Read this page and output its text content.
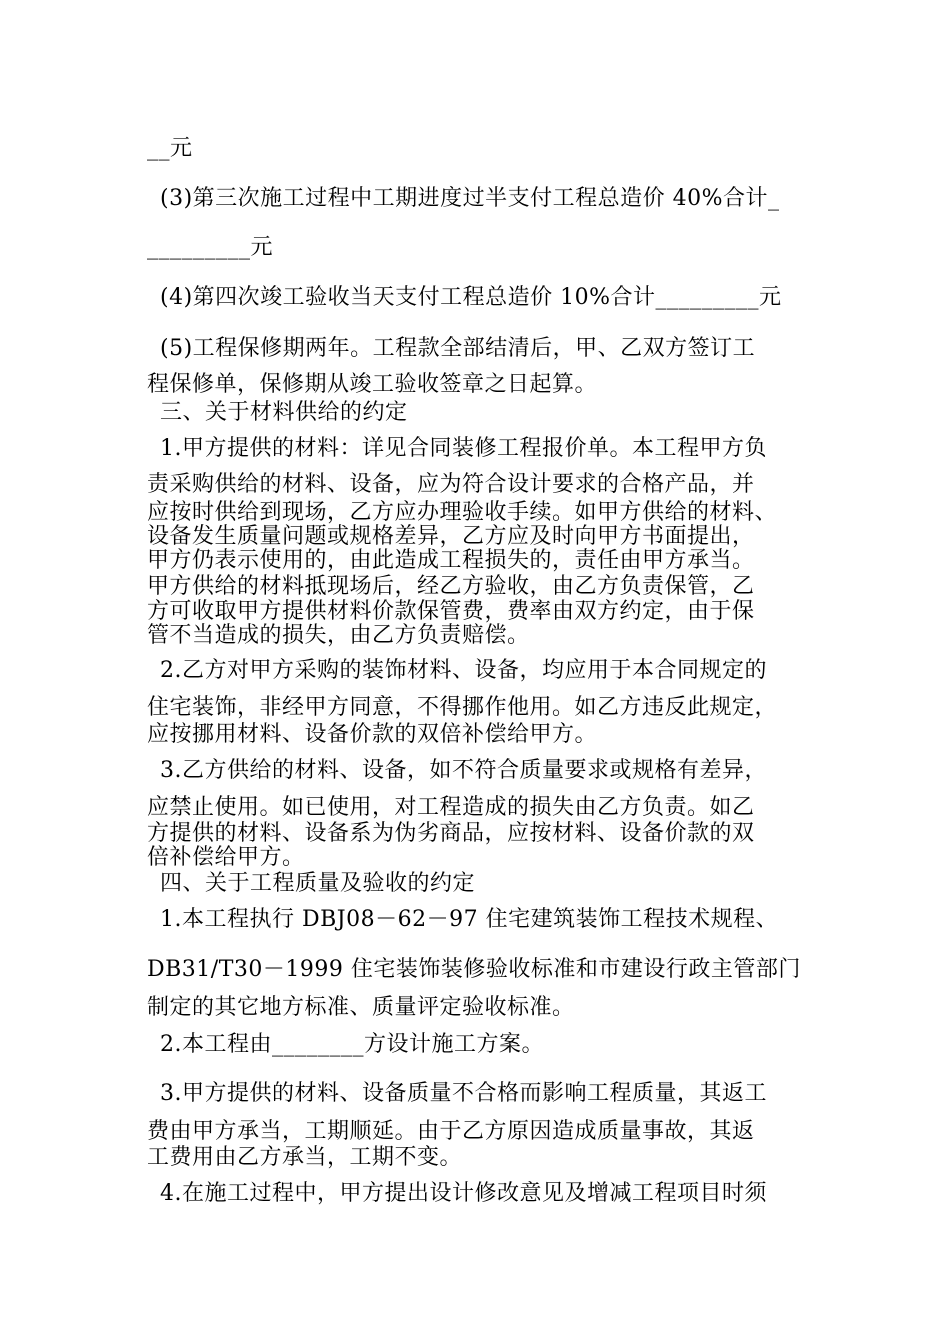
__元
(3)第三次施工过程中工期进度过半支付工程总造价 40%合计_
_________元
(4)第四次竣工验收当天支付工程总造价 10%合计_________元
(5)工程保修期两年。工程款全部结清后，甲、乙双方签订工
程保修单，保修期从竣工验收签章之日起算。
三、关于材料供给的约定
1.甲方提供的材料：详见合同装修工程报价单。本工程甲方负
责采购供给的材料、设备，应为符合设计要求的合格产品，并
应按时供给到现场，乙方应办理验收手续。如甲方供给的材料、
设备发生质量问题或规格差异，乙方应及时向甲方书面提出，
甲方仍表示使用的，由此造成工程损失的，责任由甲方承当。
甲方供给的材料抵现场后，经乙方验收，由乙方负责保管，乙
方可收取甲方提供材料价款保管费，费率由双方约定，由于保
管不当造成的损失，由乙方负责赔偿。
2.乙方对甲方采购的装饰材料、设备，均应用于本合同规定的
住宅装饰，非经甲方同意，不得挪作他用。如乙方违反此规定，
应按挪用材料、设备价款的双倍补偿给甲方。
3.乙方供给的材料、设备，如不符合质量要求或规格有差异，
应禁止使用。如已使用，对工程造成的损失由乙方负责。如乙
方提供的材料、设备系为伪劣商品，应按材料、设备价款的双
倍补偿给甲方。
四、关于工程质量及验收的约定
1.本工程执行 DBJ08－62－97 住宅建筑装饰工程技术规程、
DB31/T30－1999 住宅装饰装修验收标准和市建设行政主管部门
制定的其它地方标准、质量评定验收标准。
2.本工程由________方设计施工方案。
3.甲方提供的材料、设备质量不合格而影响工程质量，其返工
费由甲方承当，工期顺延。由于乙方原因造成质量事故，其返
工费用由乙方承当，工期不变。
4.在施工过程中，甲方提出设计修改意见及增减工程项目时须
